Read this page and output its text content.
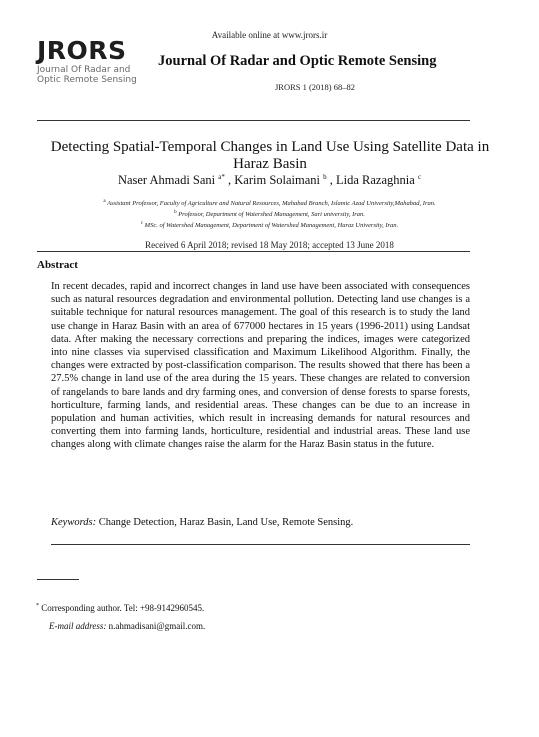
Available online at www.jrors.ir
JRORS
Journal Of Radar and
Optic Remote Sensing
Journal Of Radar and Optic Remote Sensing
JRORS 1 (2018) 68–82
Detecting Spatial-Temporal Changes in Land Use Using Satellite Data in Haraz Basin
Naser Ahmadi Sani $^{a*}$ , Karim Solaimani $^b$ , Lida Razaghnia $^c$
$^a$ Assistant Professor, Faculty of Agriculture and Natural Resources, Mahabad Branch, Islamic Azad University,Mahabad, Iran.
$^b$ Professor, Department of Watershed Management, Sari university, Iran.
$^c$ MSc. of Watershed Management, Department of Watershed Management, Haraz University, Iran.
Received 6 April 2018; revised 18 May 2018; accepted 13 June 2018
Abstract
In recent decades, rapid and incorrect changes in land use have been associated with consequences such as natural resources degradation and environmental pollution. Detecting land use changes is a suitable technique for natural resources management. The goal of this research is to study the land use change in Haraz Basin with an area of 677000 hectares in 15 years (1996-2011) using Landsat data. After making the necessary corrections and preparing the indices, images were categorized into nine classes via supervised classification and Maximum Likelihood Algorithm. Finally, the changes were extracted by post-classification comparison. The results showed that there has been a 27.5% change in land use of the area during the 15 years. These changes are related to conversion of rangelands to bare lands and dry farming ones, and conversion of dense forests to sparse forests, horticulture, farming lands, and residential areas. These changes can be due to an increase in population and human activities, which result in increasing demands for natural resources and converting them into farming lands, horticulture, residential and industrial areas. These land use changes along with climate changes raise the alarm for the Haraz Basin status in the future.
Keywords: Change Detection, Haraz Basin, Land Use, Remote Sensing.
* Corresponding author. Tel: +98-9142960545.
E-mail address: n.ahmadisani@gmail.com.
